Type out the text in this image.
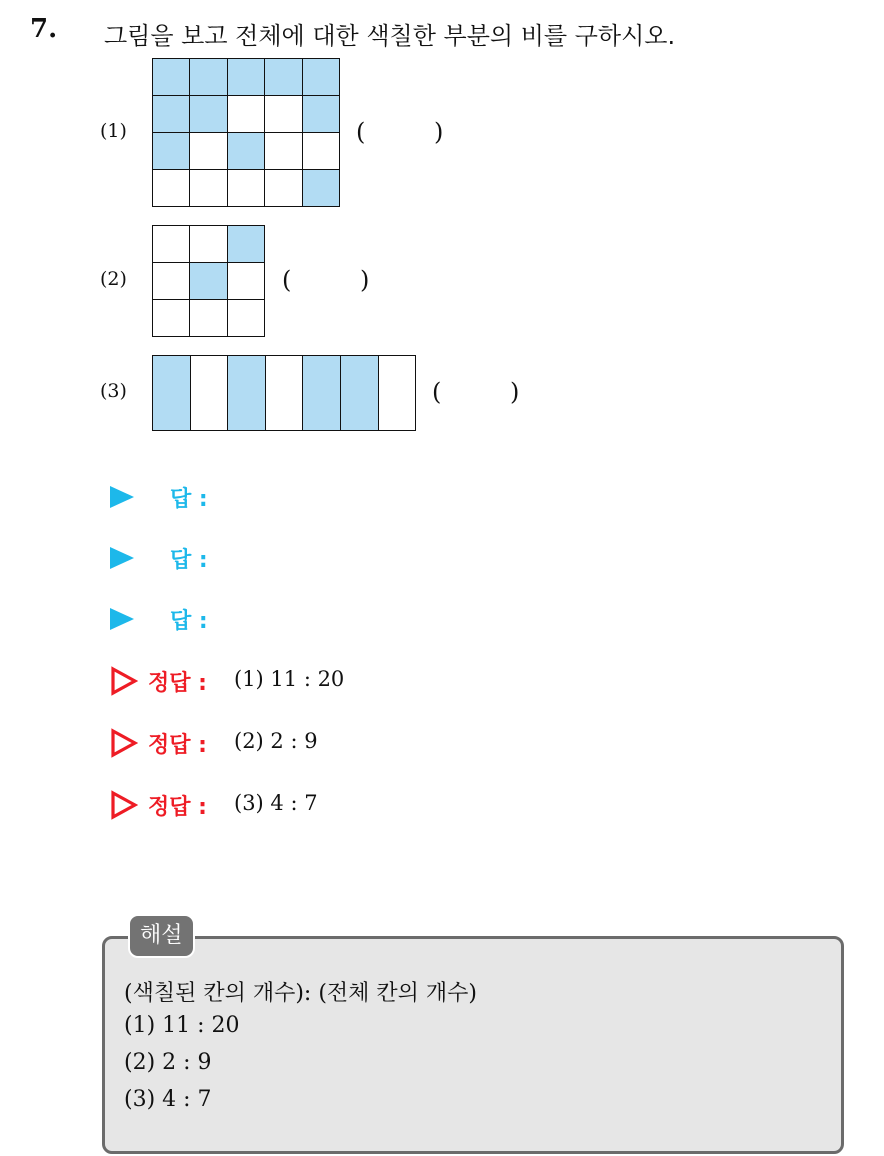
7. 그림을 보고 전체에 대한 색칠한 부분의 비를 구하시오.
(1)

					(         )
(2)

			(         )
(3)
							(         )
답 :
답 :
답 :
정답 : (1) 11 : 20
정답 : (2) 2 : 9
정답 : (3) 4 : 7
해설
(색칠된 칸의 개수): (전체 칸의 개수)
(1) 11 : 20
(2) 2 : 9
(3) 4 : 7
